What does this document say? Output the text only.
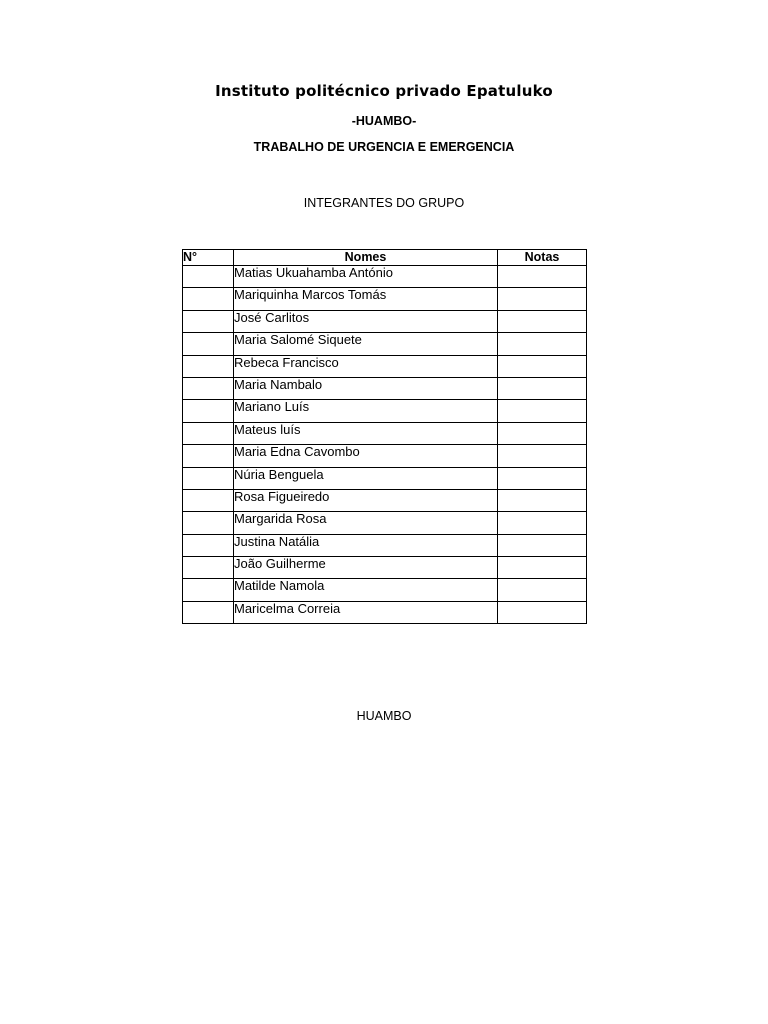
Instituto politécnico privado Epatuluko
-HUAMBO-
TRABALHO DE URGENCIA E EMERGENCIA
INTEGRANTES DO GRUPO
N°	Nomes	Notas
	Matias Ukuahamba António	
	Mariquinha Marcos Tomás	
	José Carlitos	
	Maria Salomé Siquete	
	Rebeca Francisco	
	Maria Nambalo	
	Mariano Luís	
	Mateus luís	
	Maria Edna Cavombo	
	Núria Benguela	
	Rosa Figueiredo	
	Margarida Rosa	
	Justina Natália	
	João Guilherme	
	Matilde Namola	
	Maricelma Correia	
HUAMBO
